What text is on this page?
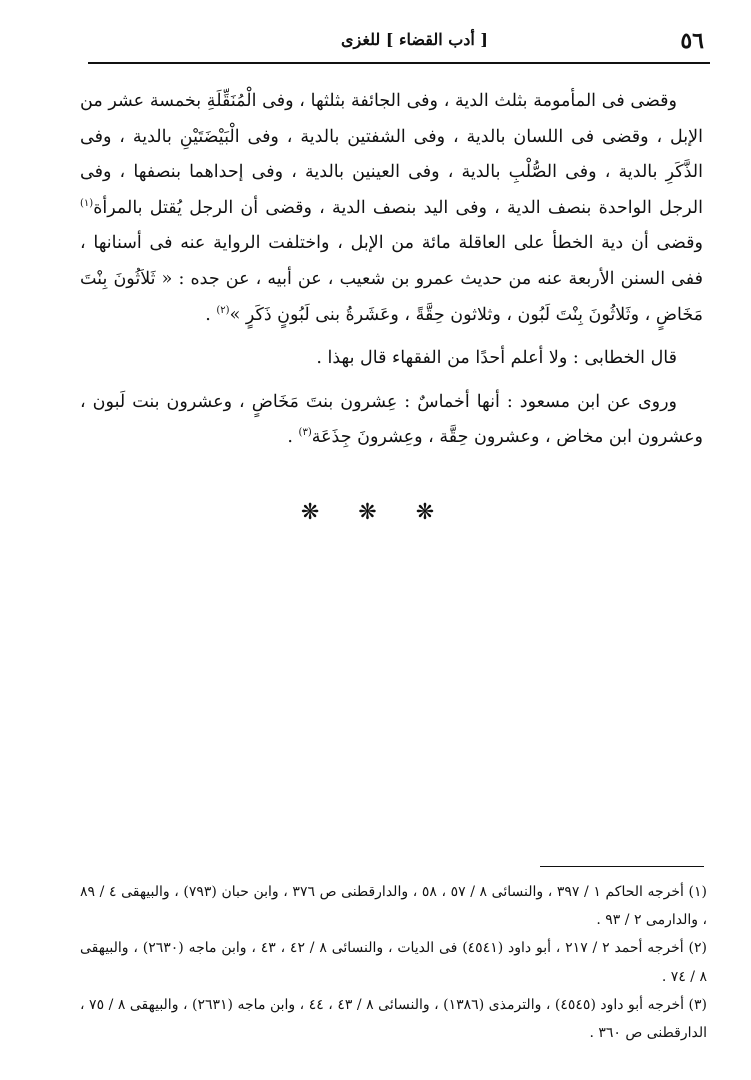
٥٦
[ أدب القضاء ] للغزى

وقضى فى المأمومة بثلث الدية ، وفى الجائفة بثلثها ، وفى الْمُنَقِّلَةِ بخمسة عشر من الإبل ، وقضى فى اللسان بالدية ، وفى الشفتين بالدية ، وفى الْبَيْضَتَيْنِ بالدية ، وفى الذَّكَرِ بالدية ، وفى الصُّلْبِ بالدية ، وفى العينين بالدية ، وفى إحداهما بنصفها ، وفى الرجل الواحدة بنصف الدية ، وفى اليد بنصف الدية ، وقضى أن الرجل يُقتل بالمرأة$^{(١)}$ وقضى أن دية الخطأ على العاقلة مائة من الإبل ، واختلفت الرواية عنه فى أسنانها ، ففى السنن الأربعة عنه من حديث عمرو بن شعيب ، عن أبيه ، عن جده : « ثَلاَثُونَ بِنْتَ مَخَاضٍ ، وثَلاثُونَ بِنْتَ لَبُون ، وثلاثون حِقَّةً ، وعَشَرةُ بنى لَبُونٍ ذَكَرٍ »$^{(٢)}$ .

قال الخطابى : ولا أعلم أحدًا من الفقهاء قال بهذا .

وروى عن ابن مسعود : أنها أخماسٌ : عِشرون بنتَ مَخَاضٍ ، وعشرون بنت لَبون ، وعشرون ابن مخاض ، وعشرون حِقَّة ، وعِشرونَ جِذَعَة$^{(٣)}$ .

❋ ❋ ❋

(١) أخرجه الحاكم ١ / ٣٩٧ ، والنسائى ٨ / ٥٧ ، ٥٨ ، والدارقطنى ص ٣٧٦ ، وابن حبان (٧٩٣) ، والبيهقى ٤ / ٨٩ ، والدارمى ٢ / ٩٣ .

(٢) أخرجه أحمد ٢ / ٢١٧ ، أبو داود (٤٥٤١) فى الديات ، والنسائى ٨ / ٤٢ ، ٤٣ ، وابن ماجه (٢٦٣٠) ، والبيهقى ٨ / ٧٤ .

(٣) أخرجه أبو داود (٤٥٤٥) ، والترمذى (١٣٨٦) ، والنسائى ٨ / ٤٣ ، ٤٤ ، وابن ماجه (٢٦٣١) ، والبيهقى ٨ / ٧٥ ، الدارقطنى ص ٣٦٠ .
